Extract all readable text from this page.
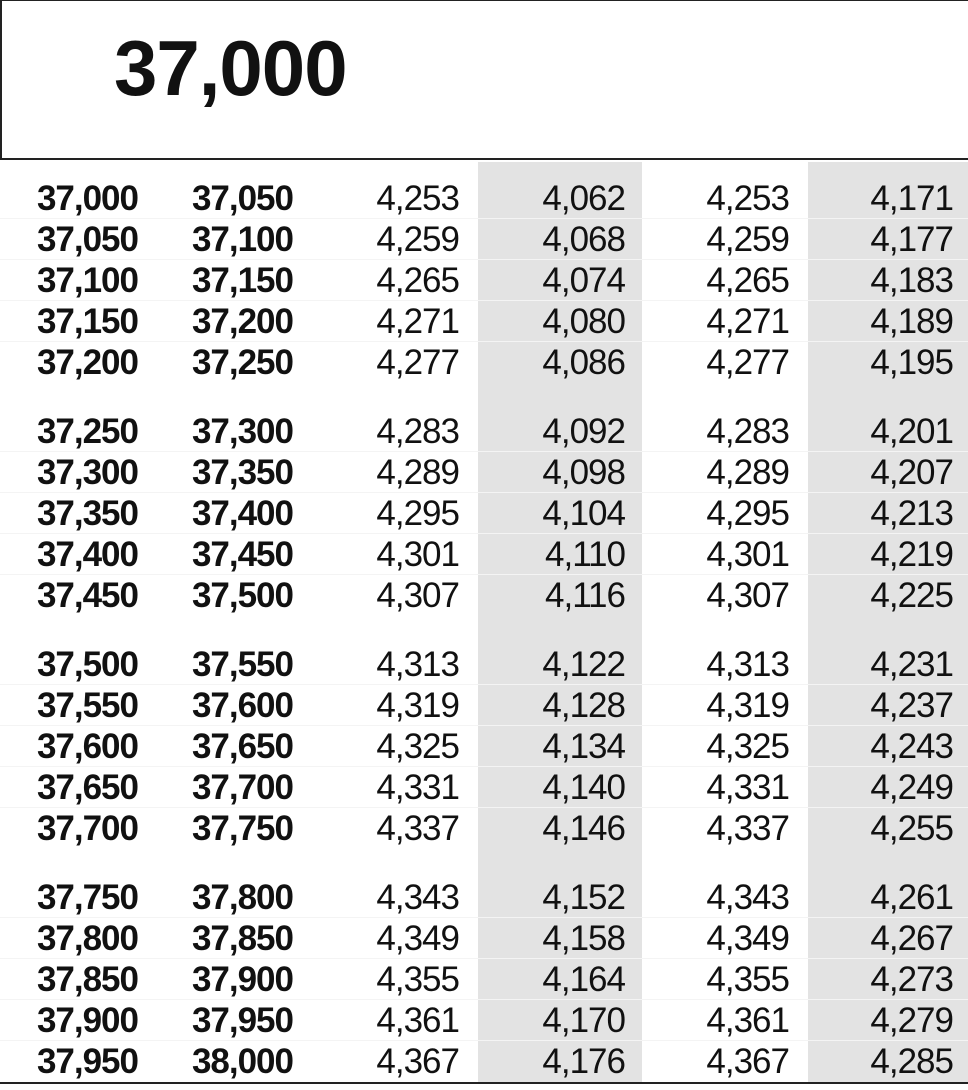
37,000
37,000	37,050	4,253	4,062	4,253	4,171
37,050	37,100	4,259	4,068	4,259	4,177
37,100	37,150	4,265	4,074	4,265	4,183
37,150	37,200	4,271	4,080	4,271	4,189
37,200	37,250	4,277	4,086	4,277	4,195
37,250	37,300	4,283	4,092	4,283	4,201
37,300	37,350	4,289	4,098	4,289	4,207
37,350	37,400	4,295	4,104	4,295	4,213
37,400	37,450	4,301	4,110	4,301	4,219
37,450	37,500	4,307	4,116	4,307	4,225
37,500	37,550	4,313	4,122	4,313	4,231
37,550	37,600	4,319	4,128	4,319	4,237
37,600	37,650	4,325	4,134	4,325	4,243
37,650	37,700	4,331	4,140	4,331	4,249
37,700	37,750	4,337	4,146	4,337	4,255
37,750	37,800	4,343	4,152	4,343	4,261
37,800	37,850	4,349	4,158	4,349	4,267
37,850	37,900	4,355	4,164	4,355	4,273
37,900	37,950	4,361	4,170	4,361	4,279
37,950	38,000	4,367	4,176	4,367	4,285
